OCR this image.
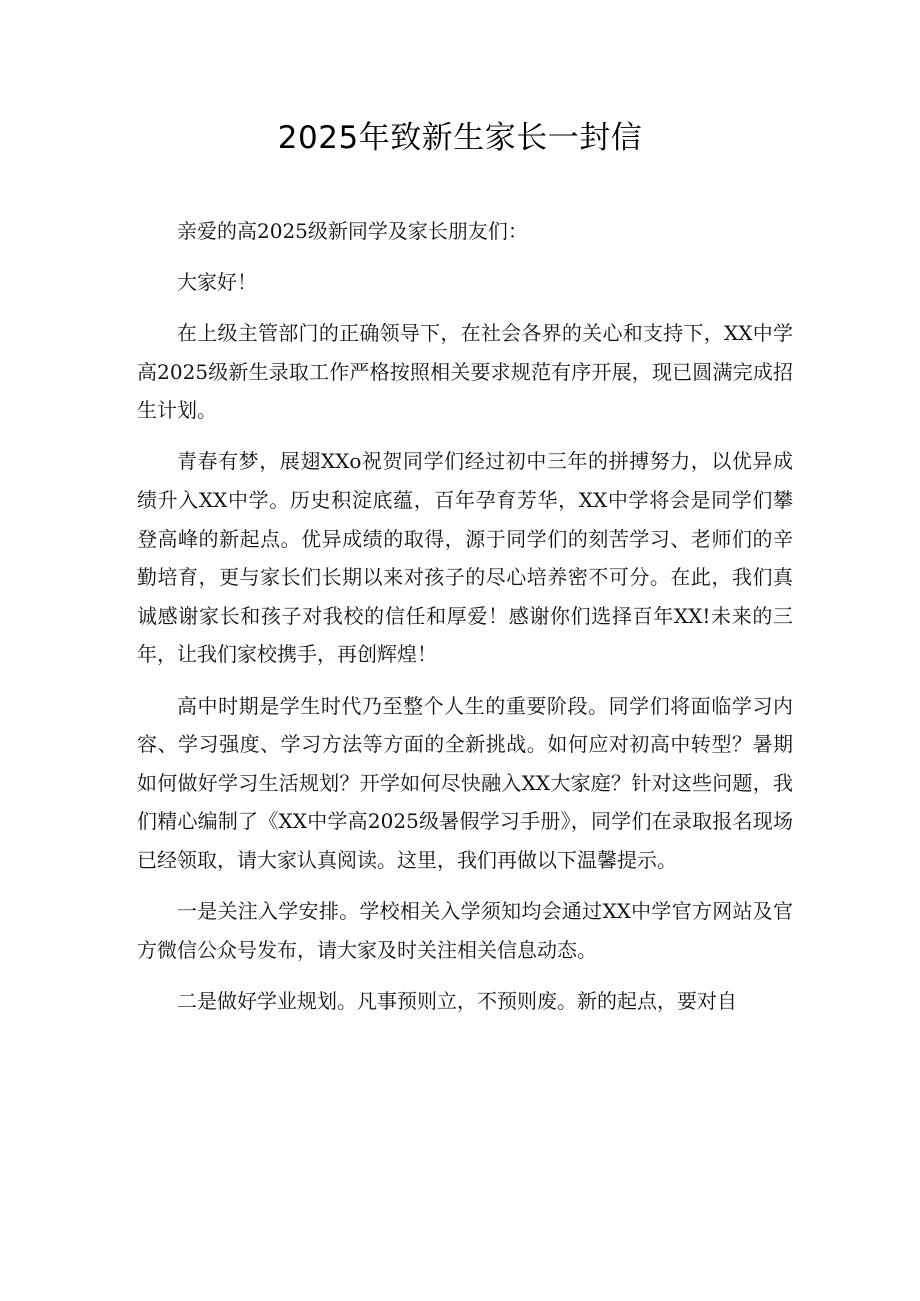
2025年致新生家长一封信

亲爱的高2025级新同学及家长朋友们：

大家好！

在上级主管部门的正确领导下，在社会各界的关心和支持下，XX中学高2025级新生录取工作严格按照相关要求规范有序开展，现已圆满完成招生计划。

青春有梦，展翅XXo祝贺同学们经过初中三年的拼搏努力，以优异成绩升入XX中学。历史积淀底蕴，百年孕育芳华，XX中学将会是同学们攀登高峰的新起点。优异成绩的取得，源于同学们的刻苦学习、老师们的辛勤培育，更与家长们长期以来对孩子的尽心培养密不可分。在此，我们真诚感谢家长和孩子对我校的信任和厚爱！感谢你们选择百年XX!未来的三年，让我们家校携手，再创辉煌！

高中时期是学生时代乃至整个人生的重要阶段。同学们将面临学习内容、学习强度、学习方法等方面的全新挑战。如何应对初高中转型？暑期如何做好学习生活规划？开学如何尽快融入XX大家庭？针对这些问题，我们精心编制了《XX中学高2025级暑假学习手册》，同学们在录取报名现场已经领取，请大家认真阅读。这里，我们再做以下温馨提示。

一是关注入学安排。学校相关入学须知均会通过XX中学官方网站及官方微信公众号发布，请大家及时关注相关信息动态。

二是做好学业规划。凡事预则立，不预则废。新的起点，要对自
